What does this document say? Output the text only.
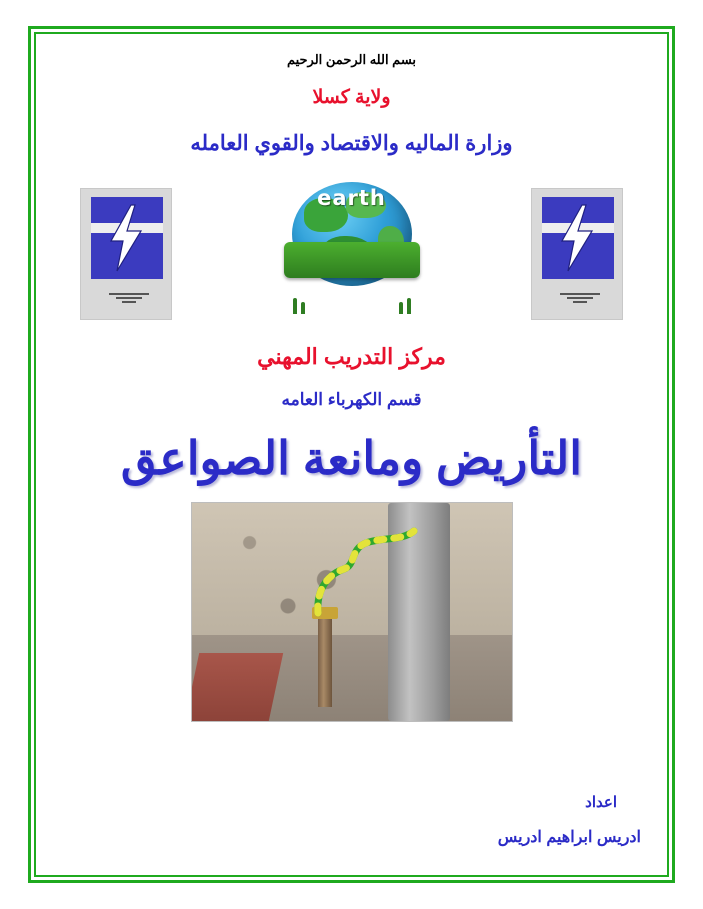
بسم الله الرحمن الرحيم
ولاية كسلا
وزارة الماليه والاقتصاد والقوي العامله
earth
مركز التدريب المهني
قسم الكهرباء العامه
التأريض ومانعة الصواعق
اعداد
ادريس ابراهيم ادريس
